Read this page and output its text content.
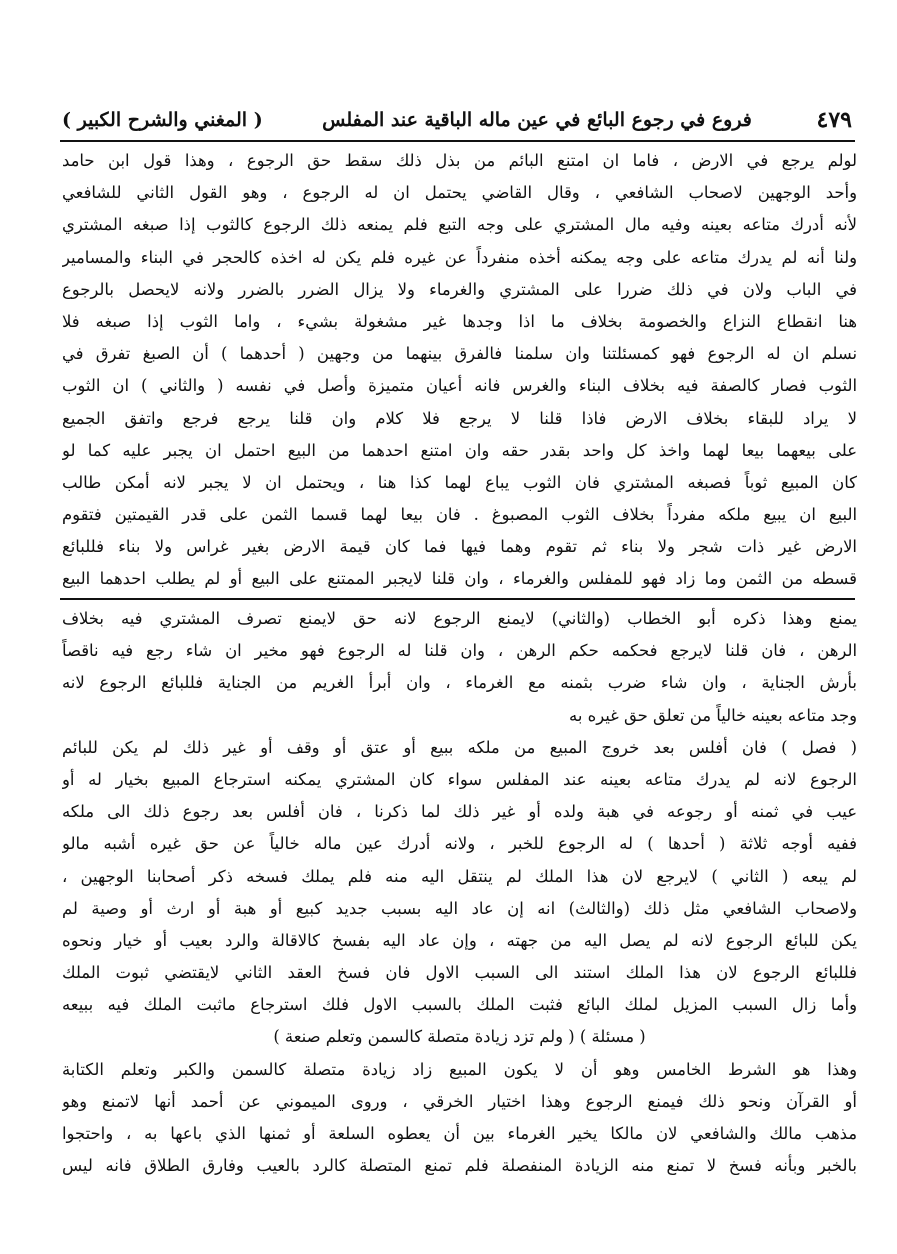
٤٧٩
فروع في رجوع البائع في عين ماله الباقية عند المفلس
( المغني والشرح الكبير )
لولم يرجع في الارض ، فاما ان امتنع البائم من بذل ذلك سقط حق الرجوع ، وهذا قول ابن حامد
وأحد الوجهين لاصحاب الشافعي ، وقال القاضي يحتمل ان له الرجوع ، وهو القول الثاني للشافعي
لأنه أدرك متاعه بعينه وفيه مال المشتري على وجه التبع فلم يمنعه ذلك الرجوع كالثوب إذا صبغه المشتري
ولنا أنه لم يدرك متاعه على وجه يمكنه أخذه منفرداً عن غيره فلم يكن له اخذه كالحجر في البناء والمسامير
في الباب ولان في ذلك ضررا على المشتري والغرماء ولا يزال الضرر بالضرر ولانه لايحصل بالرجوع
هنا انقطاع النزاع والخصومة بخلاف ما اذا وجدها غير مشغولة بشيء ، واما الثوب إذا صبغه فلا
نسلم ان له الرجوع فهو كمسئلتنا وان سلمنا فالفرق بينهما من وجهين ( أحدهما ) أن الصبغ تفرق في
الثوب فصار كالصفة فيه بخلاف البناء والغرس فانه أعيان متميزة وأصل في نفسه ( والثاني ) ان الثوب
لا يراد للبقاء بخلاف الارض فاذا قلنا لا يرجع فلا كلام وان قلنا يرجع فرجع واتفق الجميع
على بيعهما بيعا لهما واخذ كل واحد بقدر حقه وان امتنع احدهما من البيع احتمل ان يجبر عليه كما لو
كان المبيع ثوباً فصبغه المشتري فان الثوب يباع لهما كذا هنا ، ويحتمل ان لا يجبر لانه أمكن طالب
البيع ان يبيع ملكه مفرداً بخلاف الثوب المصبوغ . فان بيعا لهما قسما الثمن على قدر القيمتين فتقوم
الارض غير ذات شجر ولا بناء ثم تقوم وهما فيها فما كان قيمة الارض بغير غراس ولا بناء فللبائع
قسطه من الثمن وما زاد فهو للمفلس والغرماء ، وان قلنا لايجبر الممتنع على البيع أو لم يطلب احدهما البيع
يمنع وهذا ذكره أبو الخطاب (والثاني) لايمنع الرجوع لانه حق لايمنع تصرف المشتري فيه بخلاف
الرهن ، فان قلنا لايرجع فحكمه حكم الرهن ، وان قلنا له الرجوع فهو مخير ان شاء رجع فيه ناقصاً
بأرش الجناية ، وان شاء ضرب بثمنه مع الغرماء ، وان أبرأ الغريم من الجناية فللبائع الرجوع لانه
وجد متاعه بعينه خالياً من تعلق حق غيره به
( فصل ) فان أفلس بعد خروج المبيع من ملكه ببيع أو عتق أو وقف أو غير ذلك لم يكن للبائم
الرجوع لانه لم يدرك متاعه بعينه عند المفلس سواء كان المشتري يمكنه استرجاع المبيع بخيار له أو
عيب في ثمنه أو رجوعه في هبة ولده أو غير ذلك لما ذكرنا ، فان أفلس بعد رجوع ذلك الى ملكه
ففيه أوجه ثلاثة ( أحدها ) له الرجوع للخبر ، ولانه أدرك عين ماله خالياً عن حق غيره أشبه مالو
لم يبعه ( الثاني ) لايرجع لان هذا الملك لم ينتقل اليه منه فلم يملك فسخه ذكر أصحابنا الوجهين ،
ولاصحاب الشافعي مثل ذلك (والثالث) انه إن عاد اليه بسبب جديد كبيع أو هبة أو ارث أو وصية لم
يكن للبائع الرجوع لانه لم يصل اليه من جهته ، وإن عاد اليه بفسخ كالاقالة والرد بعيب أو خيار ونحوه
فللبائع الرجوع لان هذا الملك استند الى السبب الاول فان فسخ العقد الثاني لايقتضي ثبوت الملك
وأما زال السبب المزيل لملك البائع فثبت الملك بالسبب الاول فلك استرجاع ماثبت الملك فيه ببيعه
( مسئلة ) ( ولم تزد زيادة متصلة كالسمن وتعلم صنعة )
وهذا هو الشرط الخامس وهو أن لا يكون المبيع زاد زيادة متصلة كالسمن والكبر وتعلم الكتابة
أو القرآن ونحو ذلك فيمنع الرجوع وهذا اختيار الخرقي ، وروى الميموني عن أحمد أنها لاتمنع وهو
مذهب مالك والشافعي لان مالكا يخير الغرماء بين أن يعطوه السلعة أو ثمنها الذي باعها به ، واحتجوا
بالخبر وبأنه فسخ لا تمنع منه الزيادة المنفصلة فلم تمنع المتصلة كالرد بالعيب وفارق الطلاق فانه ليس
